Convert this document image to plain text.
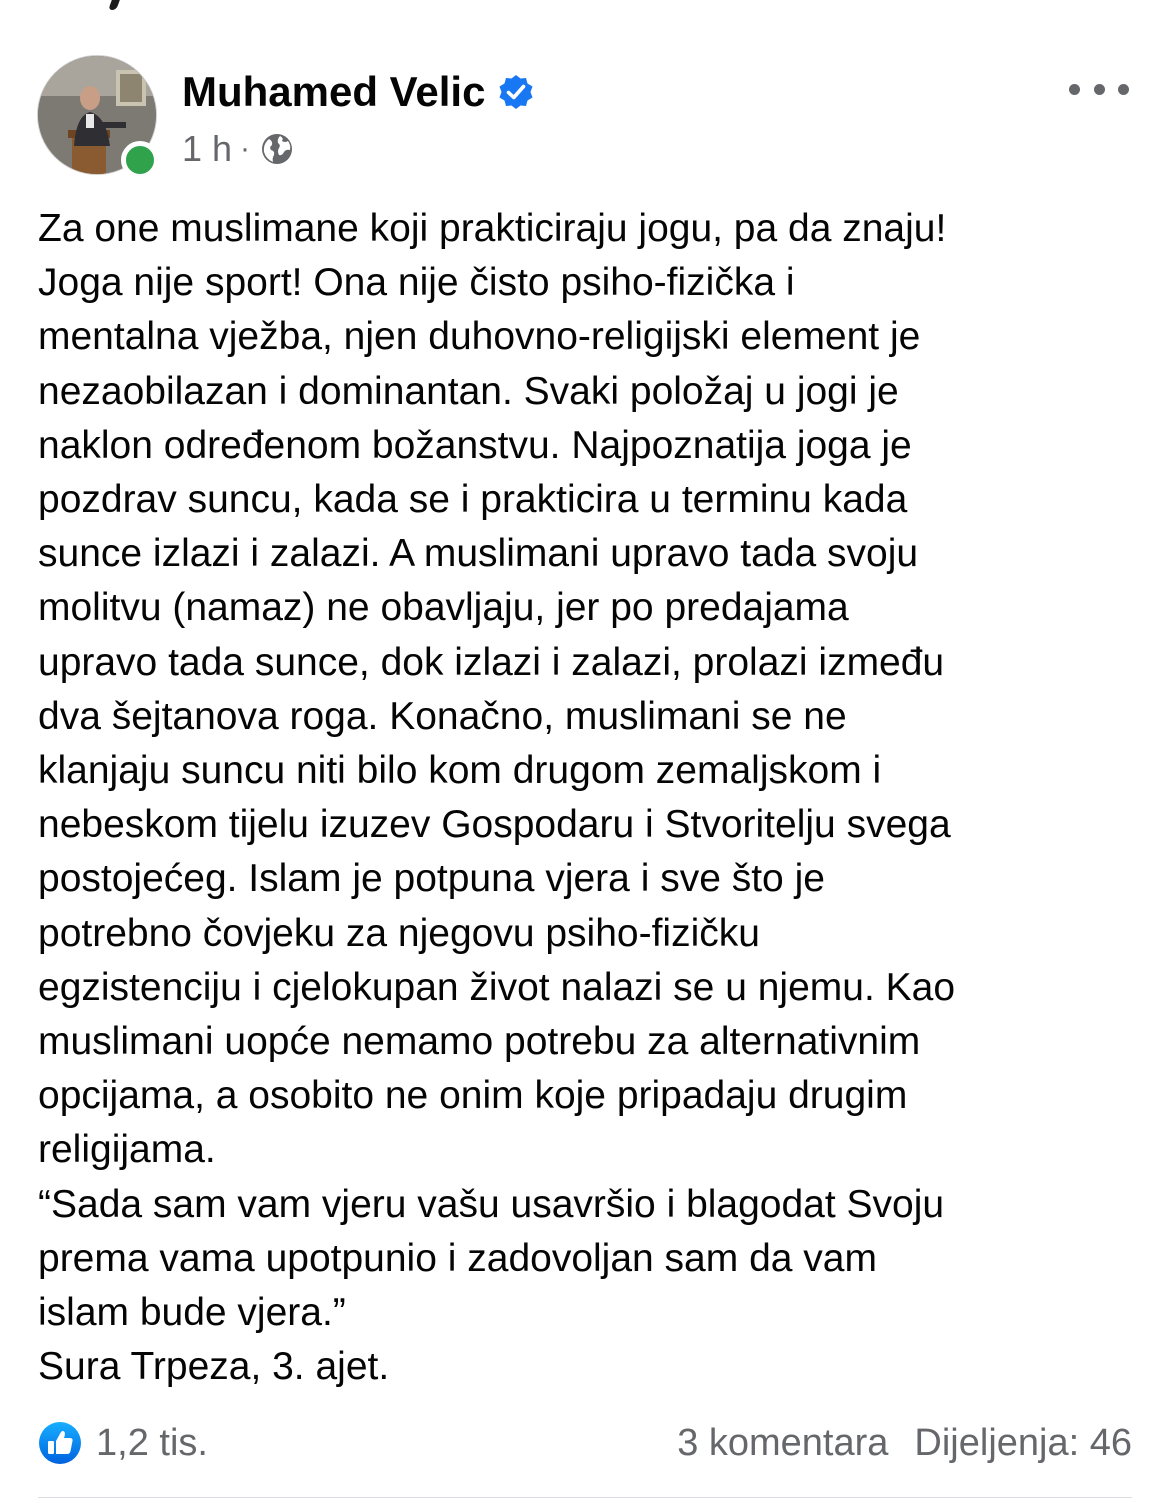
Muhamed Velic
1 h ·

Za one muslimane koji prakticiraju jogu, pa da znaju!

Joga nije sport! Ona nije čisto psiho-fizička i

mentalna vježba, njen duhovno-religijski element je

nezaobilazan i dominantan. Svaki položaj u jogi je

naklon određenom božanstvu. Najpoznatija joga je

pozdrav suncu, kada se i prakticira u terminu kada

sunce izlazi i zalazi. A muslimani upravo tada svoju

molitvu (namaz) ne obavljaju, jer po predajama

upravo tada sunce, dok izlazi i zalazi, prolazi između

dva šejtanova roga. Konačno, muslimani se ne

klanjaju suncu niti bilo kom drugom zemaljskom i

nebeskom tijelu izuzev Gospodaru i Stvoritelju svega

postojećeg. Islam je potpuna vjera i sve što je

potrebno čovjeku za njegovu psiho-fizičku

egzistenciju i cjelokupan život nalazi se u njemu. Kao

muslimani uopće nemamo potrebu za alternativnim

opcijama, a osobito ne onim koje pripadaju drugim

religijama.

“Sada sam vam vjeru vašu usavršio i blagodat Svoju

prema vama upotpunio i zadovoljan sam da vam

islam bude vjera.”

Sura Trpeza, 3. ajet.

1,2 tis.	3 komentara Dijeljenja: 46
